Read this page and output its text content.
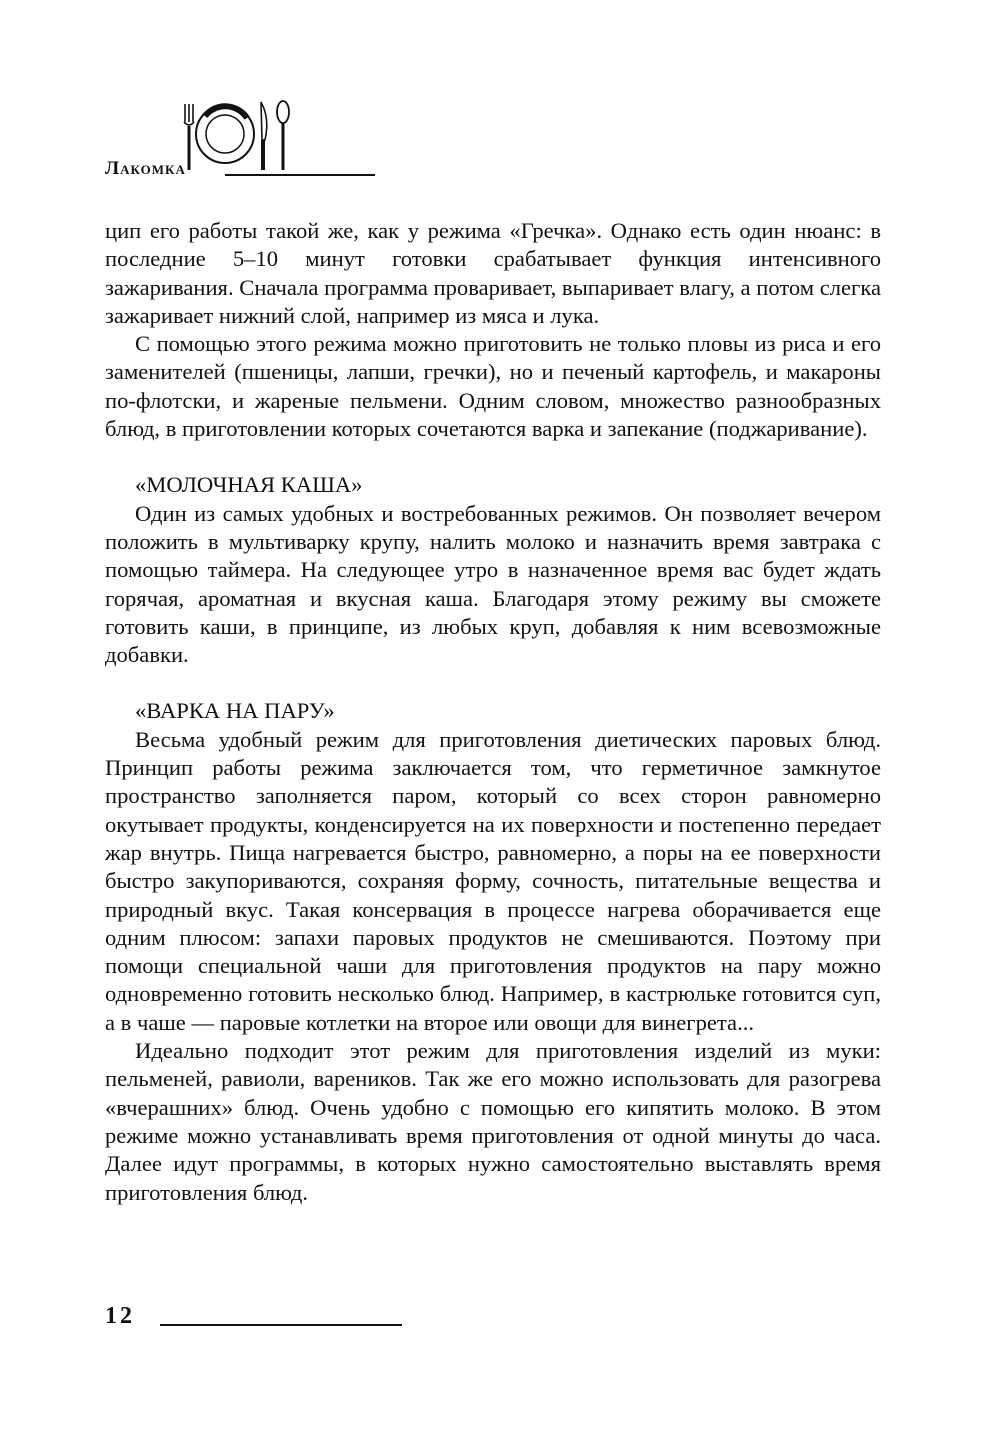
Лакомка

цип его работы такой же, как у режима «Гречка». Однако есть один нюанс: в последние 5–10 минут готовки срабатывает функция интенсивного зажаривания. Сначала программа проваривает, выпаривает влагу, а потом слегка зажаривает нижний слой, например из мяса и лука.

С помощью этого режима можно приготовить не только пловы из риса и его заменителей (пшеницы, лапши, гречки), но и печеный картофель, и макароны по-флотски, и жареные пельмени. Одним словом, множество разнообразных блюд, в приготовлении которых сочетаются варка и запекание (поджаривание).

«МОЛОЧНАЯ КАША»

Один из самых удобных и востребованных режимов. Он позволяет вечером положить в мультиварку крупу, налить молоко и назначить время завтрака с помощью таймера. На следующее утро в назначенное время вас будет ждать горячая, ароматная и вкусная каша. Благодаря этому режиму вы сможете готовить каши, в принципе, из любых круп, добавляя к ним всевозможные добавки.

«ВАРКА НА ПАРУ»

Весьма удобный режим для приготовления диетических паровых блюд. Принцип работы режима заключается том, что герметичное замкнутое пространство заполняется паром, который со всех сторон равномерно окутывает продукты, конденсируется на их поверхности и постепенно передает жар внутрь. Пища нагревается быстро, равномерно, а поры на ее поверхности быстро закупориваются, сохраняя форму, сочность, питательные вещества и природный вкус. Такая консервация в процессе нагрева оборачивается еще одним плюсом: запахи паровых продуктов не смешиваются. Поэтому при помощи специальной чаши для приготовления продуктов на пару можно одновременно готовить несколько блюд. Например, в кастрюльке готовится суп, а в чаше — паровые котлетки на второе или овощи для винегрета...

Идеально подходит этот режим для приготовления изделий из муки: пельменей, равиоли, вареников. Так же его можно использовать для разогрева «вчерашних» блюд. Очень удобно с помощью его кипятить молоко. В этом режиме можно устанавливать время приготовления от одной минуты до часа. Далее идут программы, в которых нужно самостоятельно выставлять время приготовления блюд.

12
